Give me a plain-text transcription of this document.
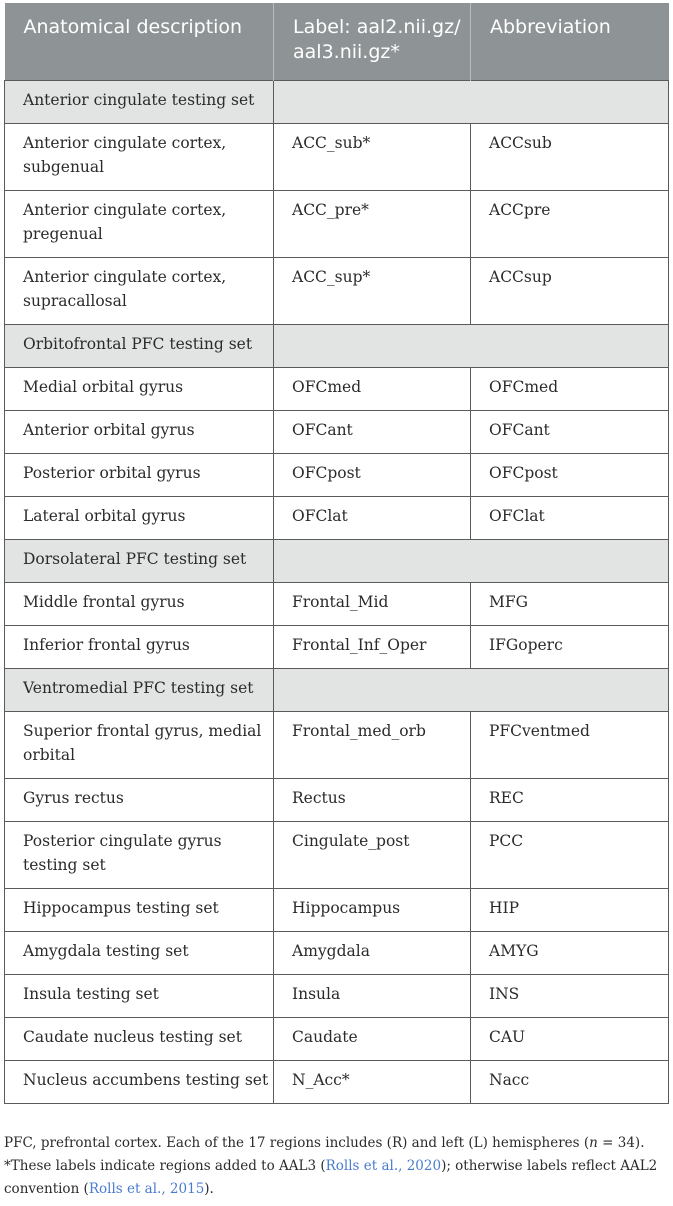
Anatomical description	Label: aal2.nii.gz/ aal3.nii.gz*	Abbreviation
Anterior cingulate testing set		
Anterior cingulate cortex, subgenual	ACC_sub*	ACCsub
Anterior cingulate cortex, pregenual	ACC_pre*	ACCpre
Anterior cingulate cortex, supracallosal	ACC_sup*	ACCsup
Orbitofrontal PFC testing set		
Medial orbital gyrus	OFCmed	OFCmed
Anterior orbital gyrus	OFCant	OFCant
Posterior orbital gyrus	OFCpost	OFCpost
Lateral orbital gyrus	OFClat	OFClat
Dorsolateral PFC testing set		
Middle frontal gyrus	Frontal_Mid	MFG
Inferior frontal gyrus	Frontal_Inf_Oper	IFGoperc
Ventromedial PFC testing set		
Superior frontal gyrus, medial orbital	Frontal_med_orb	PFCventmed
Gyrus rectus	Rectus	REC
Posterior cingulate gyrus testing set	Cingulate_post	PCC
Hippocampus testing set	Hippocampus	HIP
Amygdala testing set	Amygdala	AMYG
Insula testing set	Insula	INS
Caudate nucleus testing set	Caudate	CAU
Nucleus accumbens testing set	N_Acc*	Nacc

PFC, prefrontal cortex. Each of the 17 regions includes (R) and left (L) hemispheres (n = 34).

*These labels indicate regions added to AAL3 (Rolls et al., 2020); otherwise labels reflect AAL2 convention (Rolls et al., 2015).
